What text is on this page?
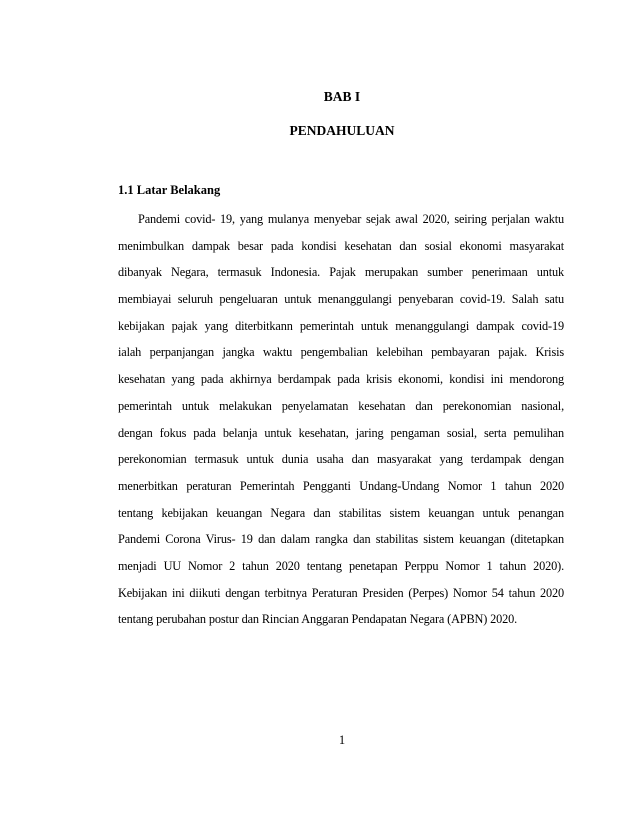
BAB I
PENDAHULUAN
1.1 Latar Belakang
Pandemi covid- 19, yang mulanya menyebar sejak awal 2020, seiring perjalan waktu
menimbulkan dampak besar pada kondisi kesehatan dan sosial ekonomi masyarakat
dibanyak Negara, termasuk Indonesia. Pajak merupakan sumber penerimaan untuk
membiayai seluruh pengeluaran untuk menanggulangi penyebaran covid-19. Salah satu
kebijakan pajak yang diterbitkann pemerintah untuk menanggulangi dampak covid-19
ialah perpanjangan jangka waktu pengembalian kelebihan pembayaran pajak. Krisis
kesehatan yang pada akhirnya berdampak pada krisis ekonomi, kondisi ini mendorong
pemerintah untuk melakukan penyelamatan kesehatan dan perekonomian nasional,
dengan fokus pada belanja untuk kesehatan, jaring pengaman sosial, serta pemulihan
perekonomian termasuk untuk dunia usaha dan masyarakat yang terdampak dengan
menerbitkan peraturan Pemerintah Pengganti Undang-Undang Nomor 1 tahun 2020
tentang kebijakan keuangan Negara dan stabilitas sistem keuangan untuk penangan
Pandemi Corona Virus- 19 dan dalam rangka dan stabilitas sistem keuangan (ditetapkan
menjadi UU Nomor 2 tahun 2020 tentang penetapan Perppu Nomor 1 tahun 2020).
Kebijakan ini diikuti dengan terbitnya Peraturan Presiden (Perpes) Nomor 54 tahun 2020
tentang perubahan postur dan Rincian Anggaran Pendapatan Negara (APBN) 2020.

1
